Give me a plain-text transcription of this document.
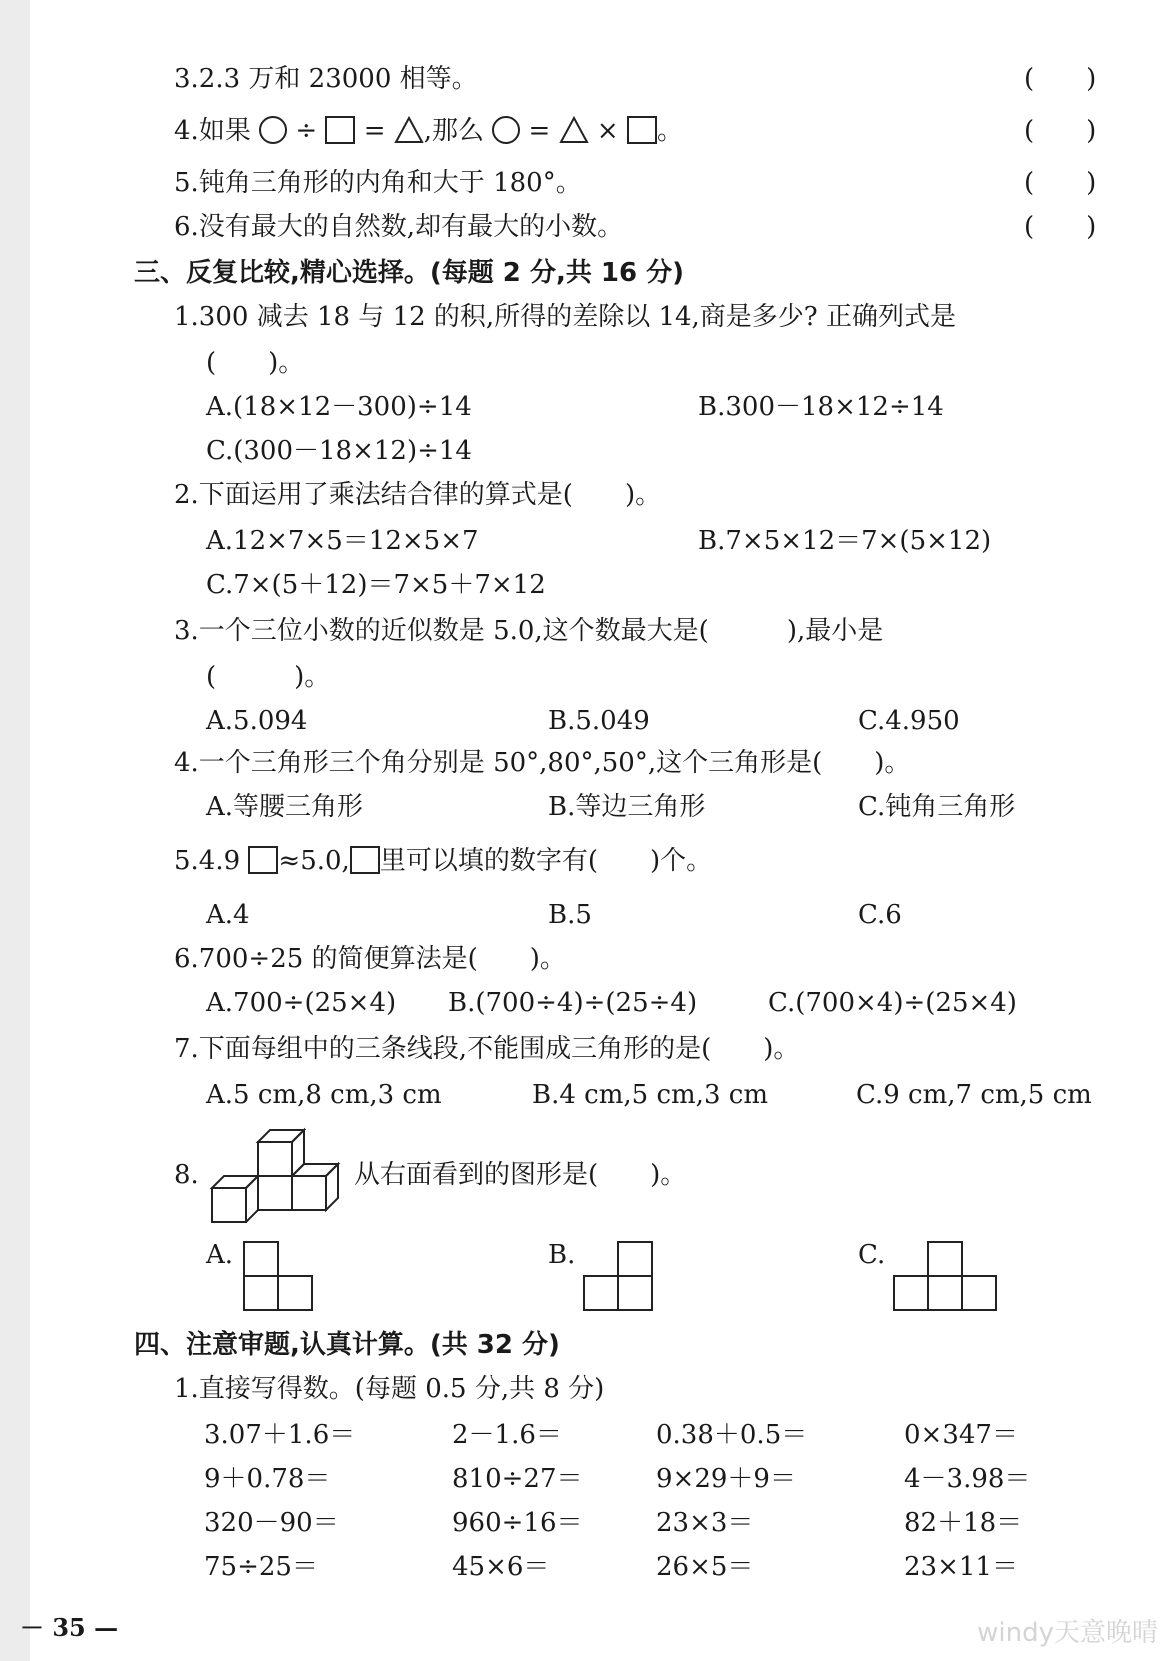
3.2.3 万和 23000 相等。	(　　)
4.如果 ÷ = ,那么 = × 。	(　　)
5.钝角三角形的内角和大于 180°。	(　　)
6.没有最大的自然数,却有最大的小数。	(　　)
三、反复比较,精心选择。(每题 2 分,共 16 分)
1.300 减去 18 与 12 的积,所得的差除以 14,商是多少? 正确列式是
(　　)。
A.(18×12－300)÷14	B.300－18×12÷14
C.(300－18×12)÷14
2.下面运用了乘法结合律的算式是(　　)。
A.12×7×5＝12×5×7	B.7×5×12＝7×(5×12)
C.7×(5＋12)＝7×5＋7×12
3.一个三位小数的近似数是 5.0,这个数最大是(　　　),最小是
(　　　)。
A.5.094	B.5.049	C.4.950
4.一个三角形三个角分别是 50°,80°,50°,这个三角形是(　　)。
A.等腰三角形	B.等边三角形	C.钝角三角形
5.4.9 ≈5.0, 里可以填的数字有(　　)个。
A.4	B.5	C.6
6.700÷25 的简便算法是(　　)。
A.700÷(25×4) B.(700÷4)÷(25÷4)	C.(700×4)÷(25×4)
7.下面每组中的三条线段,不能围成三角形的是(　　)。
A.5 cm,8 cm,3 cm	B.4 cm,5 cm,3 cm	C.9 cm,7 cm,5 cm
8.	从右面看到的图形是(　　)。
A.	B.	C.
四、注意审题,认真计算。(共 32 分)
1.直接写得数。(每题 0.5 分,共 8 分)
3.07＋1.6＝	2－1.6＝	0.38＋0.5＝	0×347＝
9＋0.78＝	810÷27＝	9×29＋9＝	4－3.98＝
320－90＝	960÷16＝	23×3＝	82＋18＝
75÷25＝	45×6＝	26×5＝	23×11＝
－ 35 —	windy天意晚晴
